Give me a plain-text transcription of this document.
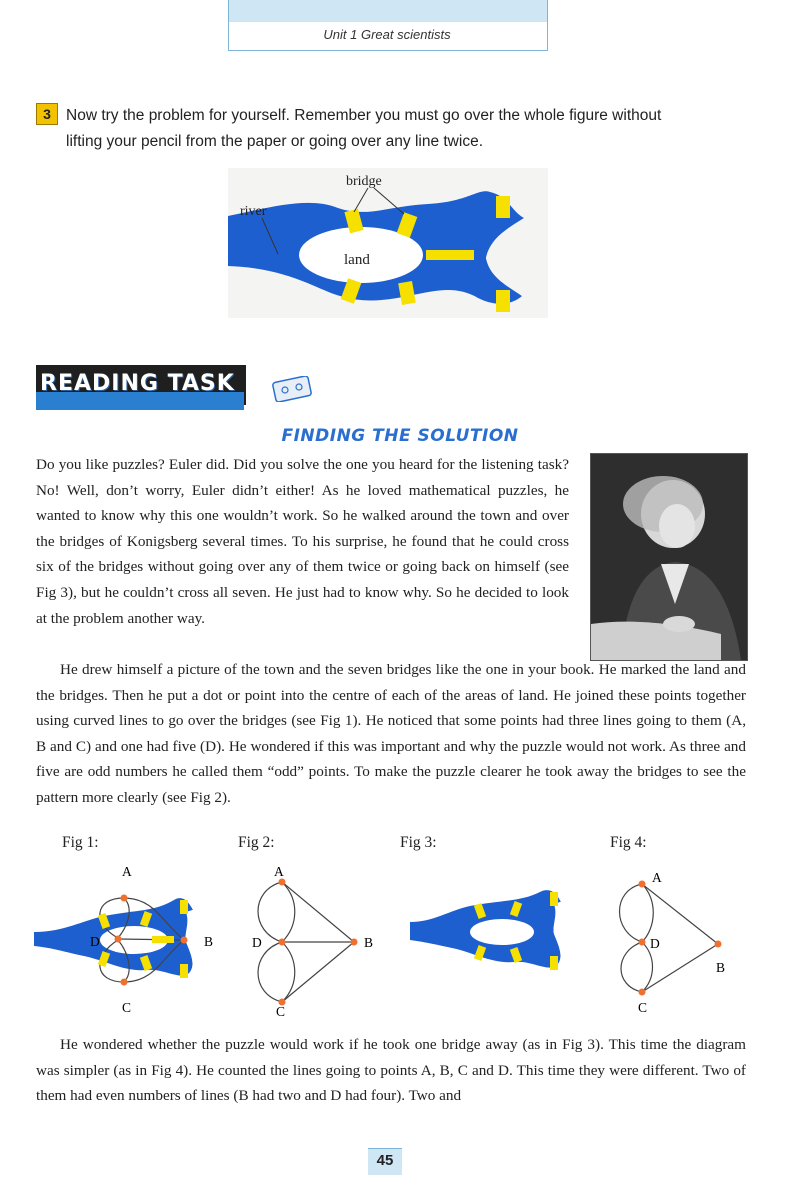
Unit 1 Great scientists
3 Now try the problem for yourself. Remember you must go over the whole figure without
lifting your pencil from the paper or going over any line twice.
bridge
river
land
READING TASK
FINDING THE SOLUTION
Do you like puzzles? Euler did. Did you solve the one you heard for the listening task? No! Well, don’t worry, Euler didn’t either! As he loved mathematical puzzles, he wanted to know why this one wouldn’t work. So he walked around the town and over the bridges of Konigsberg several times. To his surprise, he found that he could cross six of the bridges without going over any of them twice or going back on himself (see Fig 3), but he couldn’t cross all seven. He just had to know why. So he decided to look at the problem another way.
He drew himself a picture of the town and the seven bridges like the one in your book. He marked the land and the bridges. Then he put a dot or point into the centre of each of the areas of land. He joined these points together using curved lines to go over the bridges (see Fig 1). He noticed that some points had three lines going to them (A, B and C) and one had five (D). He wondered if this was important and why the puzzle would not work. As three and five are odd numbers he called them “odd” points. To make the puzzle clearer he took away the bridges to see the pattern more clearly (see Fig 2).
Fig 1:	Fig 2:	Fig 3:	Fig 4:
A
B
C
D
A
B
C
D
A
B
C
D
He wondered whether the puzzle would work if he took one bridge away (as in Fig 3). This time the diagram was simpler (as in Fig 4). He counted the lines going to points A, B, C and D. This time they were different. Two of them had even numbers of lines (B had two and D had four). Two and
45
